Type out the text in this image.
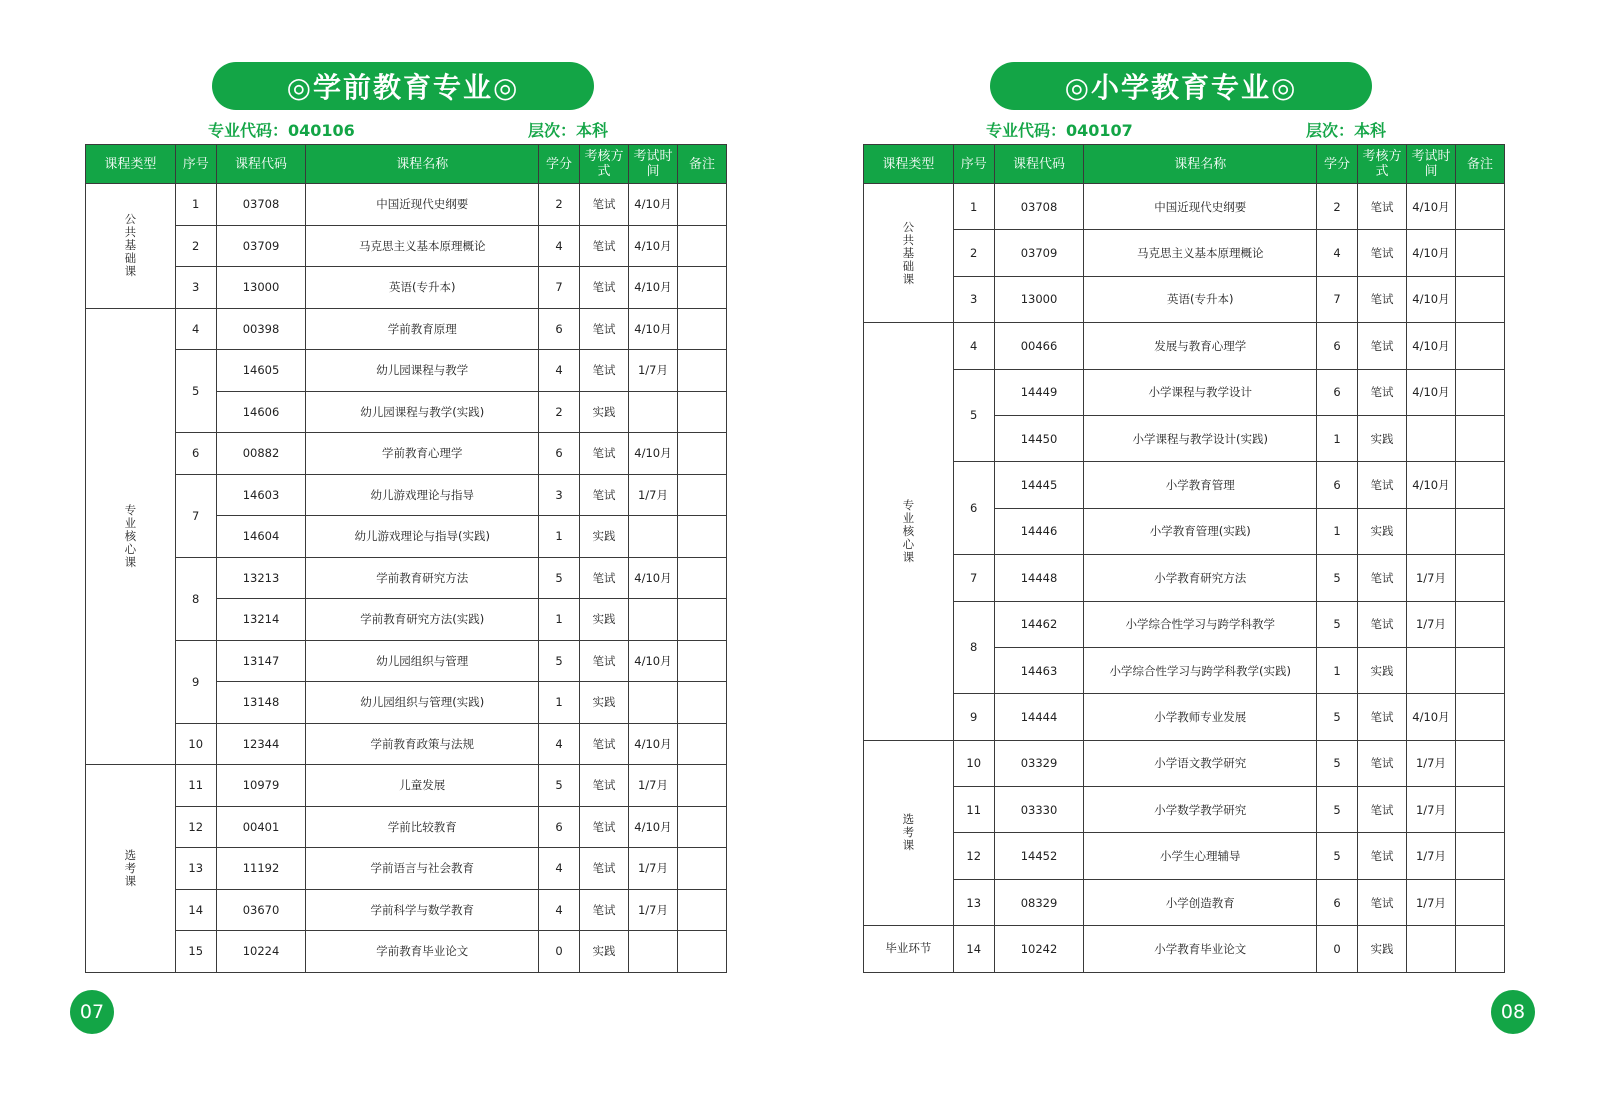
◎学前教育专业◎
专业代码：040106	层次：本科
课程类型	序号	课程代码	课程名称	学分	考核方式	考试时间	备注
公共基础课	1	03708	中国近现代史纲要	2	笔试	4/10月	
	2	03709	马克思主义基本原理概论	4	笔试	4/10月	
	3	13000	英语(专升本)	7	笔试	4/10月	
专业核心课	4	00398	学前教育原理	6	笔试	4/10月	
	5	14605	幼儿园课程与教学	4	笔试	1/7月	
		14606	幼儿园课程与教学(实践)	2	实践		
	6	00882	学前教育心理学	6	笔试	4/10月	
	7	14603	幼儿游戏理论与指导	3	笔试	1/7月	
		14604	幼儿游戏理论与指导(实践)	1	实践		
	8	13213	学前教育研究方法	5	笔试	4/10月	
		13214	学前教育研究方法(实践)	1	实践		
	9	13147	幼儿园组织与管理	5	笔试	4/10月	
		13148	幼儿园组织与管理(实践)	1	实践		
	10	12344	学前教育政策与法规	4	笔试	4/10月	
选考课	11	10979	儿童发展	5	笔试	1/7月	
	12	00401	学前比较教育	6	笔试	4/10月	
	13	11192	学前语言与社会教育	4	笔试	1/7月	
	14	03670	学前科学与数学教育	4	笔试	1/7月	
	15	10224	学前教育毕业论文	0	实践		
◎小学教育专业◎
专业代码：040107	层次：本科
课程类型	序号	课程代码	课程名称	学分	考核方式	考试时间	备注
公共基础课	1	03708	中国近现代史纲要	2	笔试	4/10月	
	2	03709	马克思主义基本原理概论	4	笔试	4/10月	
	3	13000	英语(专升本)	7	笔试	4/10月	
专业核心课	4	00466	发展与教育心理学	6	笔试	4/10月	
	5	14449	小学课程与教学设计	6	笔试	4/10月	
		14450	小学课程与教学设计(实践)	1	实践		
	6	14445	小学教育管理	6	笔试	4/10月	
		14446	小学教育管理(实践)	1	实践		
	7	14448	小学教育研究方法	5	笔试	1/7月	
	8	14462	小学综合性学习与跨学科教学	5	笔试	1/7月	
		14463	小学综合性学习与跨学科教学(实践)	1	实践		
	9	14444	小学教师专业发展	5	笔试	4/10月	
选考课	10	03329	小学语文教学研究	5	笔试	1/7月	
	11	03330	小学数学教学研究	5	笔试	1/7月	
	12	14452	小学生心理辅导	5	笔试	1/7月	
	13	08329	小学创造教育	6	笔试	1/7月	
毕业环节	14	10242	小学教育毕业论文	0	实践		
07	08
